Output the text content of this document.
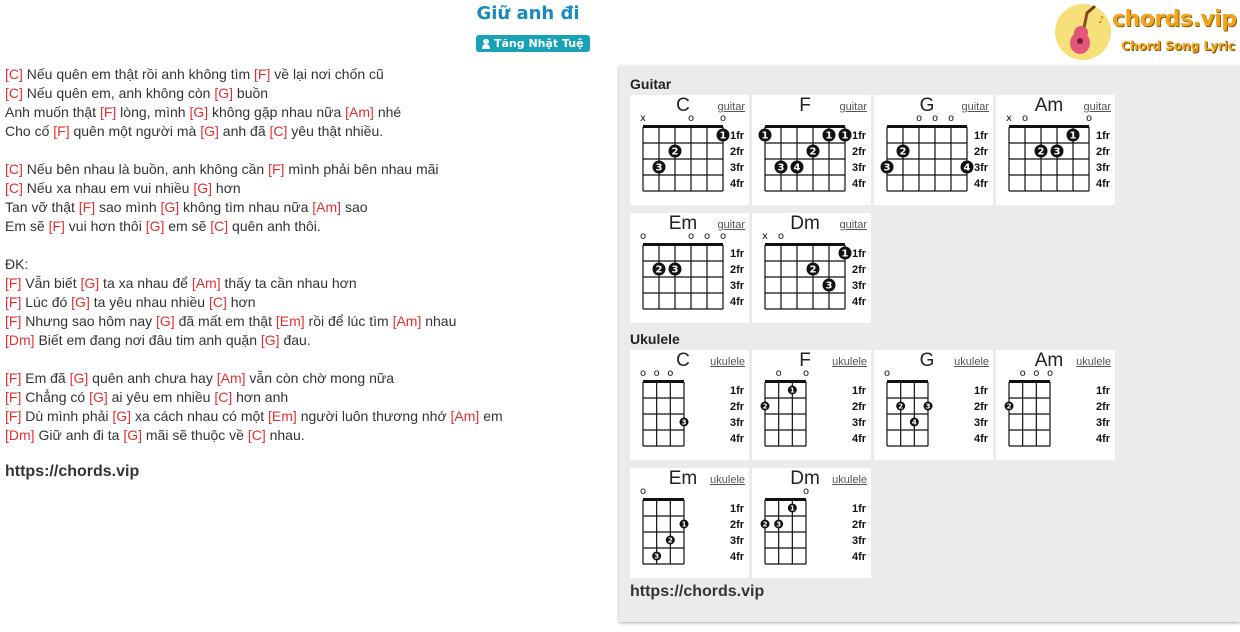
Giữ anh đi
Tăng Nhật Tuệ
♪ chords.vip
Chord Song Lyric
[C] Nếu quên em thật rồi anh không tìm [F] về lại nơi chốn cũ
[C] Nếu quên em, anh không còn [G] buồn
Anh muốn thật [F] lòng, mình [G] không gặp nhau nữa [Am] nhé
Cho cố [F] quên một người mà [G] anh đã [C] yêu thật nhiều.
[C] Nếu bên nhau là buồn, anh không cần [F] mình phải bên nhau mãi
[C] Nếu xa nhau em vui nhiều [G] hơn
Tan vỡ thật [F] sao mình [G] không tìm nhau nữa [Am] sao
Em sẽ [F] vui hơn thôi [G] em sẽ [C] quên anh thôi.
ĐK:
[F] Vẫn biết [G] ta xa nhau để [Am] thấy ta cần nhau hơn
[F] Lúc đó [G] ta yêu nhau nhiều [C] hơn
[F] Nhưng sao hôm nay [G] đã mất em thật [Em] rồi để lúc tìm [Am] nhau
[Dm] Biết em đang nơi đâu tim anh quặn [G] đau.
[F] Em đã [G] quên anh chưa hay [Am] vẫn còn chờ mong nữa
[F] Chẳng có [G] ai yêu em nhiều [C] hơn anh
[F] Dù mình phải [G] xa cách nhau có một [Em] người luôn thương nhớ [Am] em
[Dm] Giữ anh đi ta [G] mãi sẽ thuộc về [C] nhau.
https://chords.vip
Guitar
Ukulele
C	guitar
1fr
2fr
3fr
4fr
x	o	o
1
2
3
F	guitar
1fr
2fr
3fr
4fr
1	1 1
2
3 4
G	guitar
1fr
2fr
3fr
4fr
o o o
2
3	4
Am	guitar
1fr
2fr
3fr
4fr
x o	o
1
2 3
Em	guitar
1fr
2fr
3fr
4fr
o	o o o
2 3
Dm	guitar
1fr
2fr
3fr
4fr
x o
1
2
3
C	ukulele
1fr
2fr
3fr
4fr
o o o
3
F	ukulele
1fr
2fr
3fr
4fr
o o
1
2
G	ukulele
1fr
2fr
3fr
4fr
o
2	3
4
Am	ukulele
1fr
2fr
3fr
4fr
o o o
2
Em	ukulele
1fr
2fr
3fr
4fr
o
1
2
3
Dm	ukulele
1fr
2fr
3fr
4fr
o
1
2 3
https://chords.vip
